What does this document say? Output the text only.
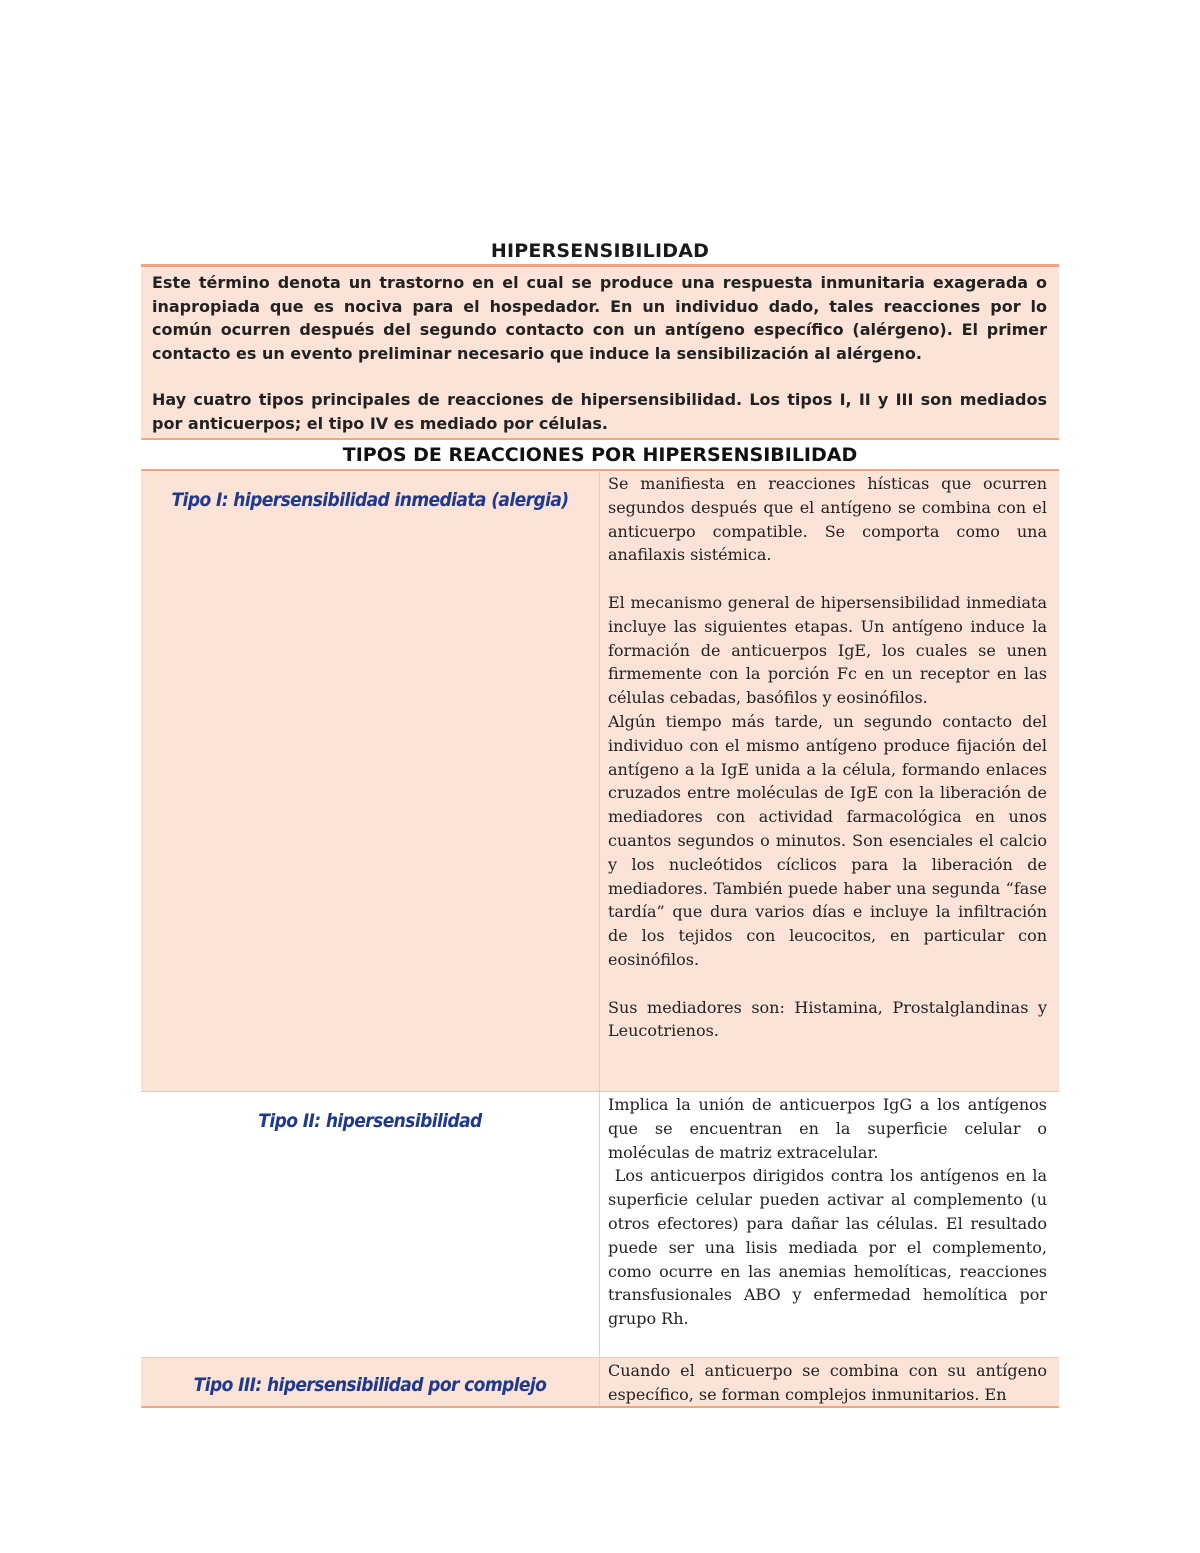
HIPERSENSIBILIDAD

Este término denota un trastorno en el cual se produce una respuesta inmunitaria exagerada o inapropiada que es nociva para el hospedador. En un individuo dado, tales reacciones por lo común ocurren después del segundo contacto con un antígeno específico (alérgeno). El primer contacto es un evento preliminar necesario que induce la sensibilización al alérgeno.

Hay cuatro tipos principales de reacciones de hipersensibilidad. Los tipos I, II y III son mediados por anticuerpos; el tipo IV es mediado por células.

TIPOS DE REACCIONES POR HIPERSENSIBILIDAD
Tipo I: hipersensibilidad inmediata (alergia)

Se manifiesta en reacciones hísticas que ocurren segundos después que el antígeno se combina con el anticuerpo compatible. Se comporta como una anafilaxis sistémica.

El mecanismo general de hipersensibilidad inmediata incluye las siguientes etapas. Un antígeno induce la formación de anticuerpos IgE, los cuales se unen firmemente con la porción Fc en un receptor en las células cebadas, basófilos y eosinófilos.

Algún tiempo más tarde, un segundo contacto del individuo con el mismo antígeno produce fijación del antígeno a la IgE unida a la célula, formando enlaces cruzados entre moléculas de IgE con la liberación de mediadores con actividad farmacológica en unos cuantos segundos o minutos. Son esenciales el calcio y los nucleótidos cíclicos para la liberación de mediadores. También puede haber una segunda “fase tardía” que dura varios días e incluye la infiltración de los tejidos con leucocitos, en particular con eosinófilos.

Sus mediadores son: Histamina, Prostalglandinas y Leucotrienos.

Tipo II: hipersensibilidad

Implica la unión de anticuerpos IgG a los antígenos que se encuentran en la superficie celular o moléculas de matriz extracelular.

Los anticuerpos dirigidos contra los antígenos en la superficie celular pueden activar al complemento (u otros efectores) para dañar las células. El resultado puede ser una lisis mediada por el complemento, como ocurre en las anemias hemolíticas, reacciones transfusionales ABO y enfermedad hemolítica por grupo Rh.

Tipo III: hipersensibilidad por complejo

Cuando el anticuerpo se combina con su antígeno específico, se forman complejos inmunitarios. En
